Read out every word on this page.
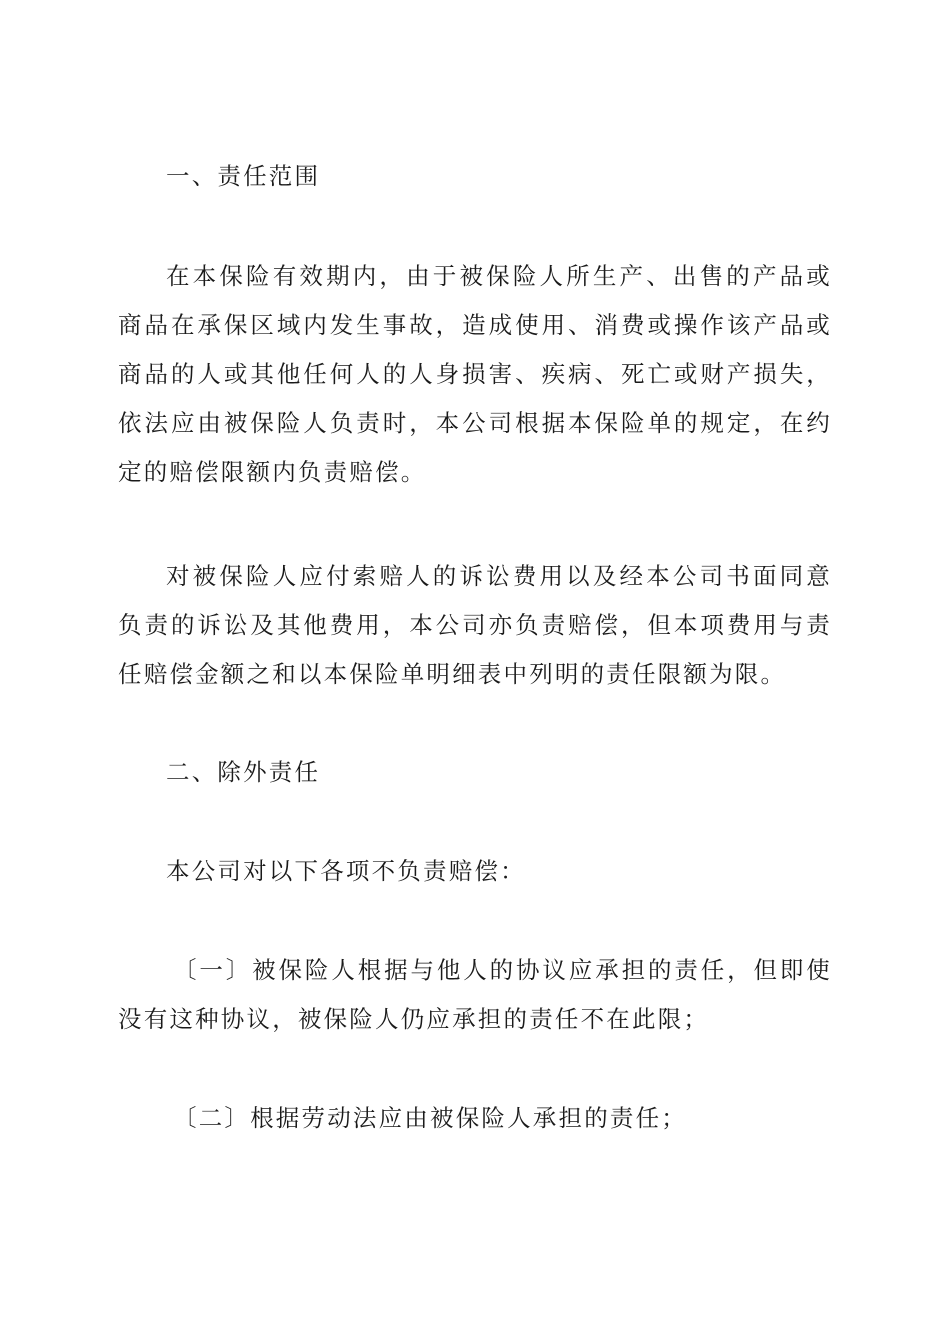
一、责任范围

在本保险有效期内，由于被保险人所生产、出售的产品或商品在承保区域内发生事故，造成使用、消费或操作该产品或商品的人或其他任何人的人身损害、疾病、死亡或财产损失，依法应由被保险人负责时，本公司根据本保险单的规定，在约定的赔偿限额内负责赔偿。

对被保险人应付索赔人的诉讼费用以及经本公司书面同意负责的诉讼及其他费用，本公司亦负责赔偿，但本项费用与责任赔偿金额之和以本保险单明细表中列明的责任限额为限。

二、除外责任

本公司对以下各项不负责赔偿：

〔一〕被保险人根据与他人的协议应承担的责任，但即使没有这种协议，被保险人仍应承担的责任不在此限；

〔二〕根据劳动法应由被保险人承担的责任；
